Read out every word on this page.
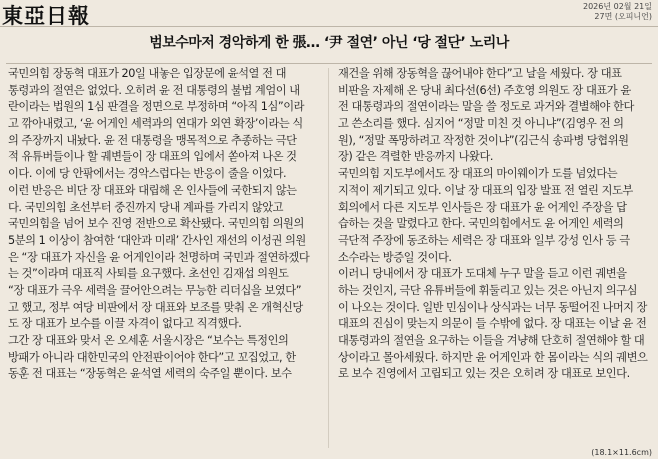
東亞日報	2026년 02월 21일
27면 (오피니언)
범보수마저 경악하게 한 張… ‘尹 절연’ 아닌 ‘당 절단’ 노리나
국민의힘 장동혁 대표가 20일 내놓은 입장문에 윤석열 전 대
통령과의 절연은 없었다. 오히려 윤 전 대통령의 불법 계엄이 내
란이라는 법원의 1심 판결을 정면으로 부정하며 “아직 1심”이라
고 깎아내렸고, ‘윤 어게인 세력과의 연대가 외연 확장’이라는 식
의 주장까지 내놨다. 윤 전 대통령을 맹목적으로 추종하는 극단
적 유튜버들이나 할 궤변들이 장 대표의 입에서 쏟아져 나온 것
이다. 이에 당 안팎에서는 경악스럽다는 반응이 줄을 이었다.
이런 반응은 비단 장 대표와 대립해 온 인사들에 국한되지 않는
다. 국민의힘 초선부터 중진까지 당내 계파를 가리지 않았고
국민의힘을 넘어 보수 진영 전반으로 확산됐다. 국민의힘 의원의
5분의 1 이상이 참여한 ‘대안과 미래’ 간사인 재선의 이성권 의원
은 “장 대표가 자신을 윤 어게인이라 천명하며 국민과 절연하겠다
는 것”이라며 대표직 사퇴를 요구했다. 초선인 김재섭 의원도
“장 대표가 극우 세력을 끌어안으려는 무능한 리더십을 보였다”
고 했고, 정부 여당 비판에서 장 대표와 보조를 맞춰 온 개혁신당
도 장 대표가 보수를 이끌 자격이 없다고 직격했다.
그간 장 대표와 맞서 온 오세훈 서울시장은 “보수는 특정인의
방패가 아니라 대한민국의 안전판이어야 한다”고 꼬집었고, 한
동훈 전 대표는 “장동혁은 윤석열 세력의 숙주일 뿐이다. 보수
재건을 위해 장동혁을 끊어내야 한다”고 날을 세웠다. 장 대표
비판을 자제해 온 당내 최다선(6선) 주호영 의원도 장 대표가 윤
전 대통령과의 절연이라는 말을 쓸 정도로 과거와 결별해야 한다
고 쓴소리를 했다. 심지어 “정말 미친 것 아니냐”(김영우 전 의
원), “정말 폭망하려고 작정한 것이냐”(김근식 송파병 당협위원
장) 같은 격렬한 반응까지 나왔다.
국민의힘 지도부에서도 장 대표의 마이웨이가 도를 넘었다는
지적이 제기되고 있다. 이날 장 대표의 입장 발표 전 열린 지도부
회의에서 다른 지도부 인사들은 장 대표가 윤 어게인 주장을 답
습하는 것을 말렸다고 한다. 국민의힘에서도 윤 어게인 세력의
극단적 주장에 동조하는 세력은 장 대표와 일부 강성 인사 등 극
소수라는 방증일 것이다.
이러니 당내에서 장 대표가 도대체 누구 말을 듣고 이런 궤변을
하는 것인지, 극단 유튜버들에 휘둘리고 있는 것은 아닌지 의구심
이 나오는 것이다. 일반 민심이나 상식과는 너무 동떨어진 나머지 장
대표의 진심이 맞는지 의문이 들 수밖에 없다. 장 대표는 이날 윤 전
대통령과의 절연을 요구하는 이들을 겨냥해 단호히 절연해야 할 대
상이라고 몰아세웠다. 하지만 윤 어게인과 한 몸이라는 식의 궤변으
로 보수 진영에서 고립되고 있는 것은 오히려 장 대표로 보인다.
(18.1×11.6cm)
